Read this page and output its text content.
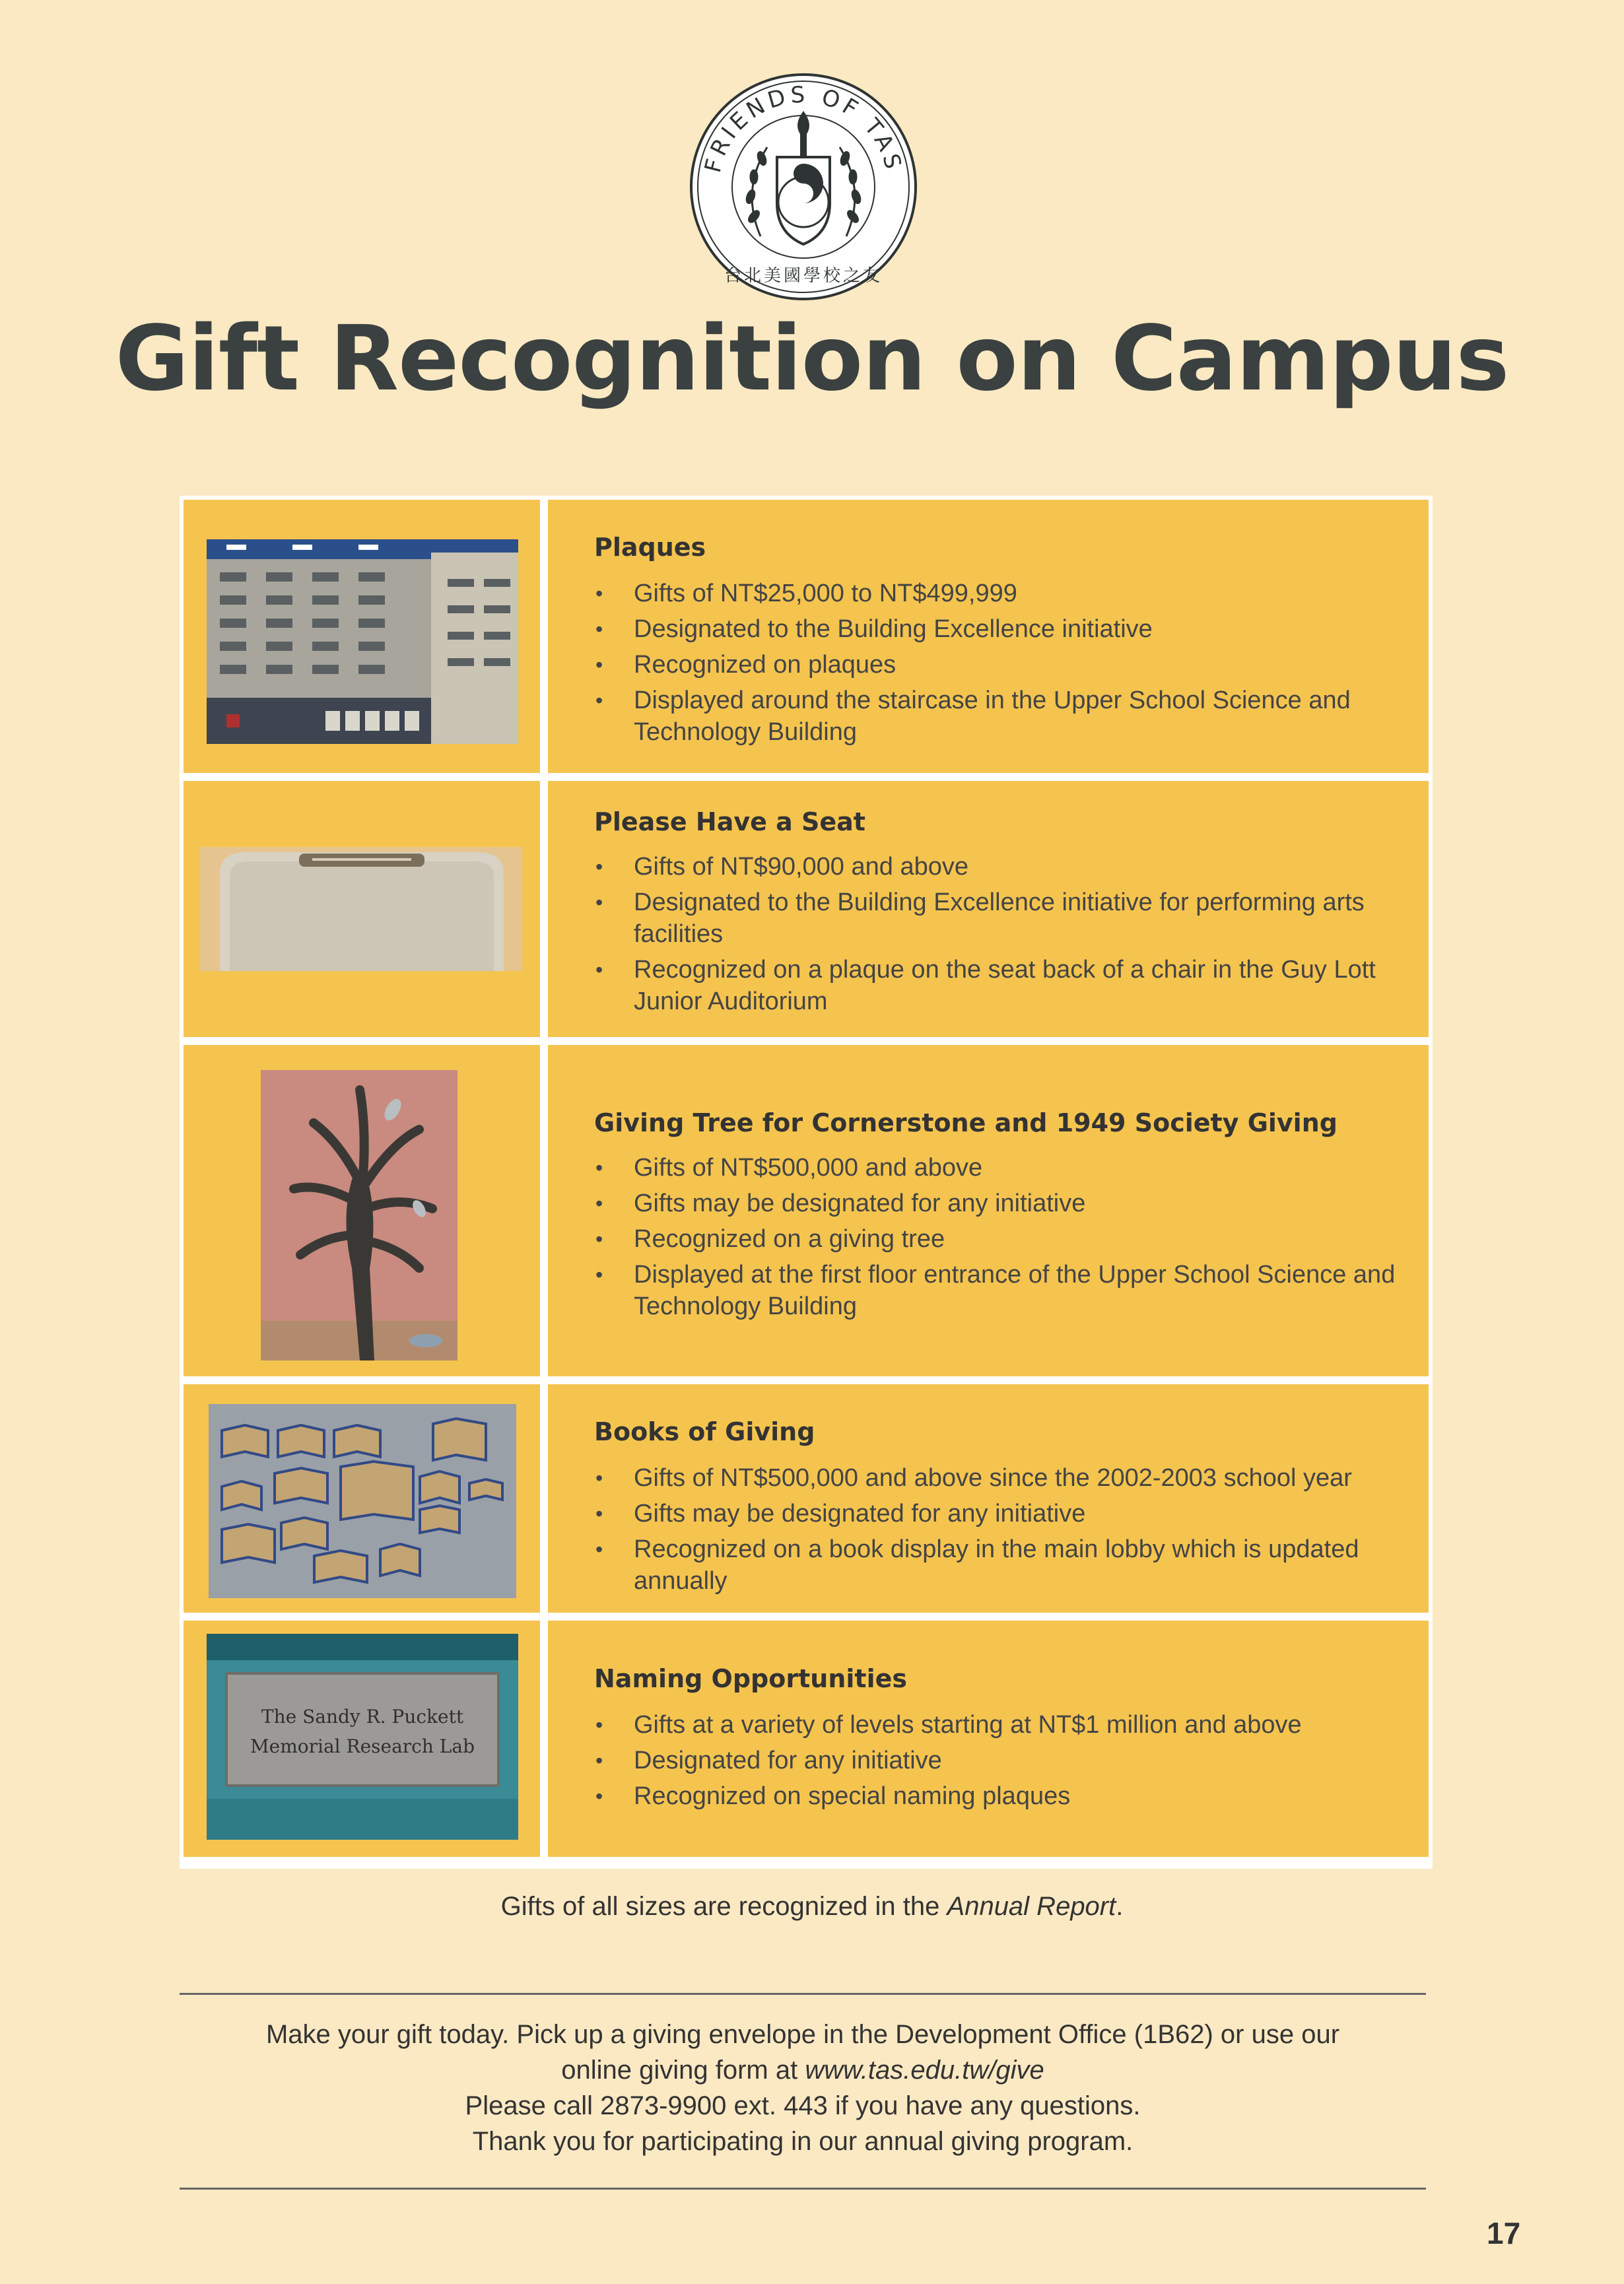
FRIENDS OF TAS
台北美國學校之友
Gift Recognition on Campus
Plaques
• Gifts of NT$25,000 to NT$499,999
• Designated to the Building Excellence initiative
• Recognized on plaques
• Displayed around the staircase in the Upper School Science and Technology Building
Please Have a Seat
• Gifts of NT$90,000 and above
• Designated to the Building Excellence initiative for performing arts facilities
• Recognized on a plaque on the seat back of a chair in the Guy Lott Junior Auditorium
Giving Tree for Cornerstone and 1949 Society Giving
• Gifts of NT$500,000 and above
• Gifts may be designated for any initiative
• Recognized on a giving tree
• Displayed at the first floor entrance of the Upper School Science and Technology Building
Books of Giving
• Gifts of NT$500,000 and above since the 2002-2003 school year
• Gifts may be designated for any initiative
• Recognized on a book display in the main lobby which is updated annually
The Sandy R. Puckett
Memorial Research Lab
Naming Opportunities
• Gifts at a variety of levels starting at NT$1 million and above
• Designated for any initiative
• Recognized on special naming plaques
Gifts of all sizes are recognized in the Annual Report.

Make your gift today. Pick up a giving envelope in the Development Office (1B62) or use our

online giving form at www.tas.edu.tw/give

Please call 2873-9900 ext. 443 if you have any questions.

Thank you for participating in our annual giving program.

17
